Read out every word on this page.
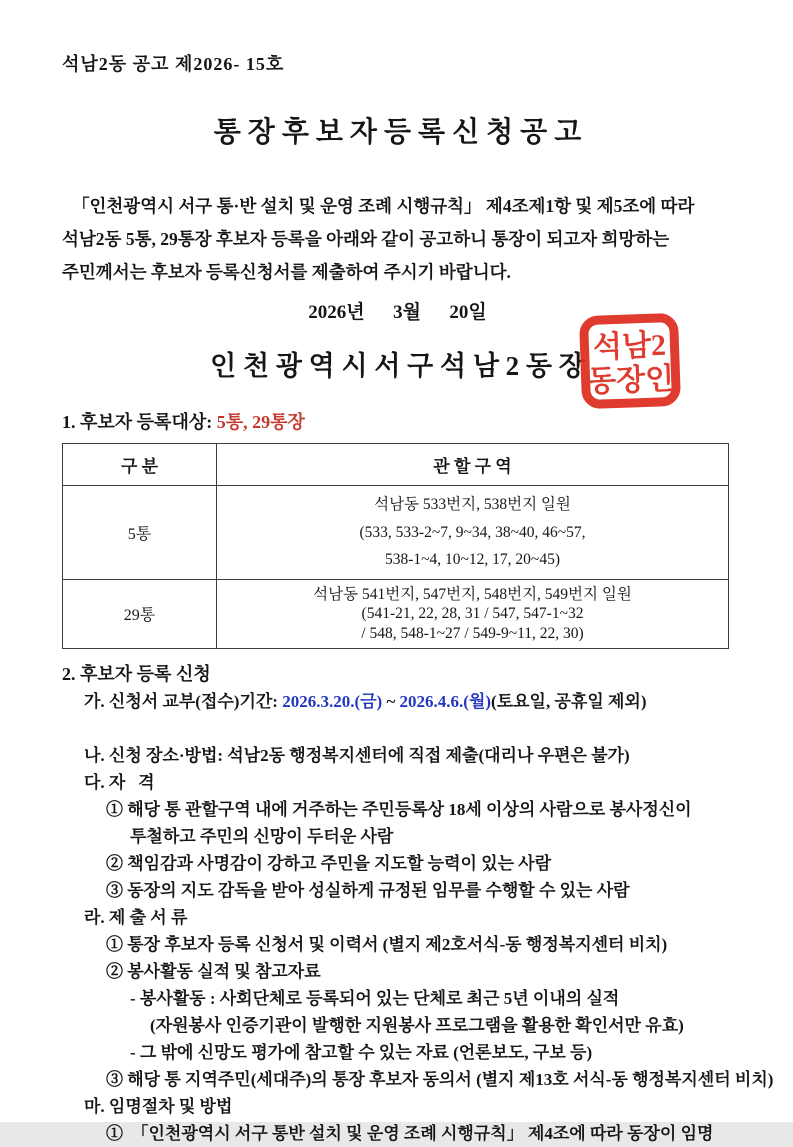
석남2동 공고 제2026- 15호
통 장 후 보 자 등 록 신 청 공 고
「인천광역시 서구 통·반 설치 및 운영 조례 시행규칙」 제4조제1항 및 제5조에 따라
석남2동 5통, 29통장 후보자 등록을 아래와 같이 공고하니 통장이 되고자 희망하는
주민께서는 후보자 등록신청서를 제출하여 주시기 바랍니다.
2026년      3월      20일
석남2
동장인
인 천 광 역 시 서 구 석 남 2 동 장
1. 후보자 등록대상: 5통, 29통장
구 분	관 할 구 역
5통	석남동 533번지, 538번지 일원
(533, 533-2~7, 9~34, 38~40, 46~57,
538-1~4, 10~12, 17, 20~45)

29통	석남동 541번지, 547번지, 548번지, 549번지 일원
(541-21, 22, 28, 31 / 547, 547-1~32
/ 548, 548-1~27 / 549-9~11, 22, 30)
2. 후보자 등록 신청
가. 신청서 교부(접수)기간: 2026.3.20.(금) ~ 2026.4.6.(월)(토요일, 공휴일 제외)

나. 신청 장소·방법: 석남2동 행정복지센터에 직접 제출(대리나 우편은 불가)
다. 자   격
① 해당 통 관할구역 내에 거주하는 주민등록상 18세 이상의 사람으로 봉사정신이
투철하고 주민의 신망이 두터운 사람
② 책임감과 사명감이 강하고 주민을 지도할 능력이 있는 사람
③ 동장의 지도 감독을 받아 성실하게 규정된 임무를 수행할 수 있는 사람
라. 제 출 서 류
① 통장 후보자 등록 신청서 및 이력서 (별지 제2호서식-동 행정복지센터 비치)
② 봉사활동 실적 및 참고자료
- 봉사활동 : 사회단체로 등록되어 있는 단체로 최근 5년 이내의 실적
(자원봉사 인증기관이 발행한 지원봉사 프로그램을 활용한 확인서만 유효)
- 그 밖에 신망도 평가에 참고할 수 있는 자료 (언론보도, 구보 등)
③ 해당 통 지역주민(세대주)의 통장 후보자 동의서 (별지 제13호 서식-동 행정복지센터 비치)
마. 임명절차 및 방법
①  「인천광역시 서구 통반 설치 및 운영 조례 시행규칙」 제4조에 따라 동장이 임명
